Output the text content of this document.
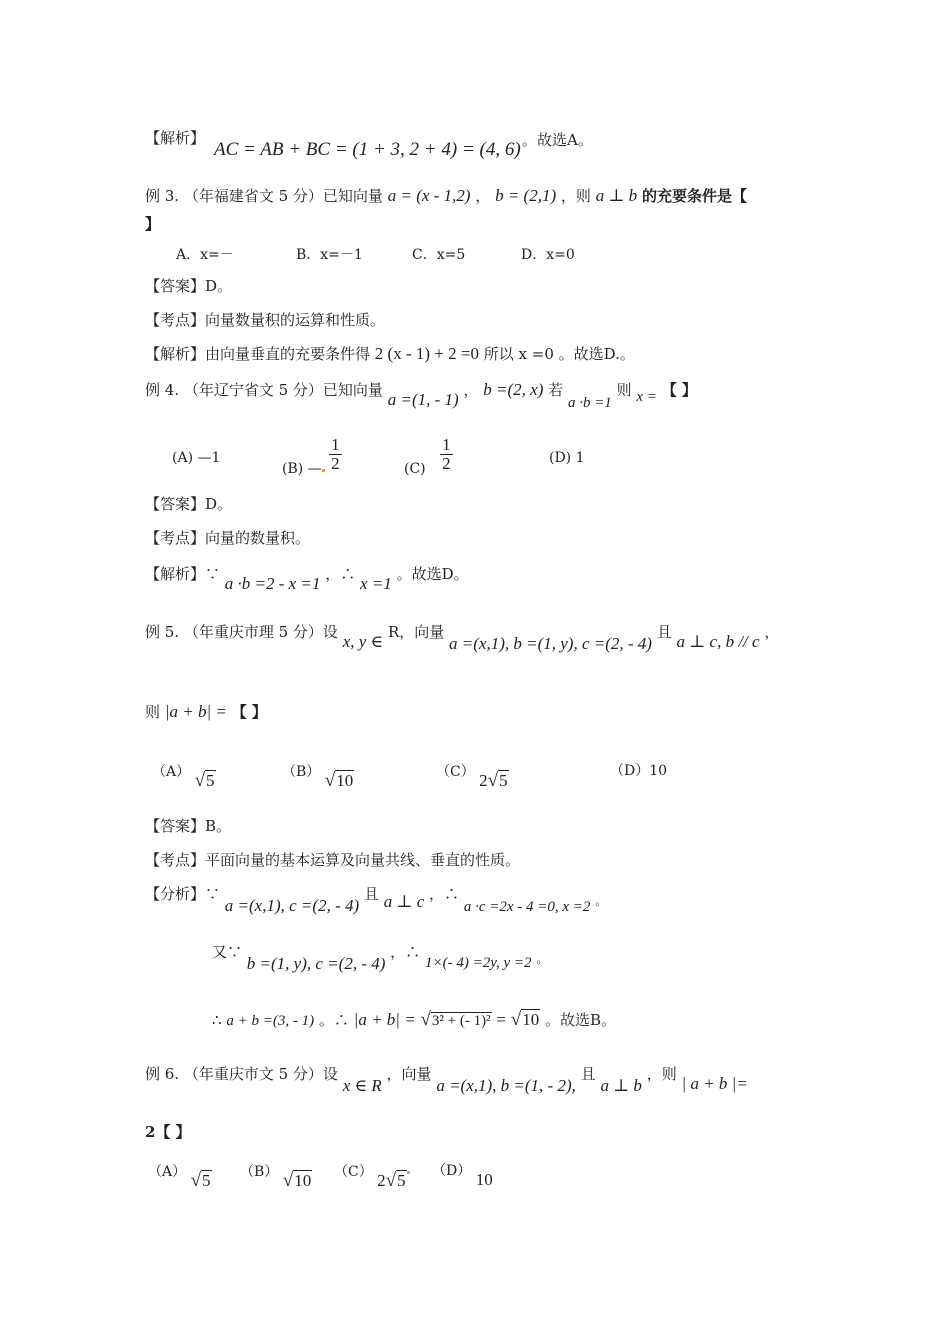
【解析】
AC = AB + BC = (1 + 3, 2 + 4) = (4, 6) 。故选A。
例 3. （年福建省文 5 分）已知向量 a = (x - 1,2) ， b = (2,1) ，则 a ⊥ b 的充要条件是【
】
A．x=－	B．x=－1	C．x=5	D．x=0
【答案】D。
【考点】向量数量积的运算和性质。
【解析】由向量垂直的充要条件得 2 (x - 1) + 2 =0 所以 x =0 。故选D.。
例 4. （年辽宁省文 5 分）已知向量 a =(1, - 1) ， b =(2, x) 若 a ·b =1 则 x = 【 】
(A) —1
(B) — $\frac{1}{2}$	$(C) \frac{1}{2}$	(D) 1
【答案】D。
【考点】向量的数量积。
【解析】∵ a ·b =2 - x =1 ，∴ x =1 。故选D。
例 5. （年重庆市理 5 分）设 x, y ∈ R，向量 a =(x,1), b =(1, y), c =(2, - 4) 且 a ⊥ c, b // c ，
则 |a + b| = 【 】
（A） √5	（B） √10	（C） 2√5	（D）10
【答案】B。
【考点】平面向量的基本运算及向量共线、垂直的性质。
【分析】∵ a =(x,1), c =(2, - 4) 且 a ⊥ c ，∴ a ·c =2x - 4 =0, x =2 $_。$
又∵ b =(1, y), c =(2, - 4) ，∴ 1×(- 4) =2y, y =2 $_。$
∴ a + b =(3, - 1) 。∴ |a + b| = √3² + (- 1)² = √10 。故选B。
例 6. （年重庆市文 5 分）设 x ∈ R ，向量 a =(x,1), b =(1, - 2), 且 a ⊥ b ，则 | a + b |=
2【 】
（A） √5 （B） √10 （C） 2√5 （D） 10
